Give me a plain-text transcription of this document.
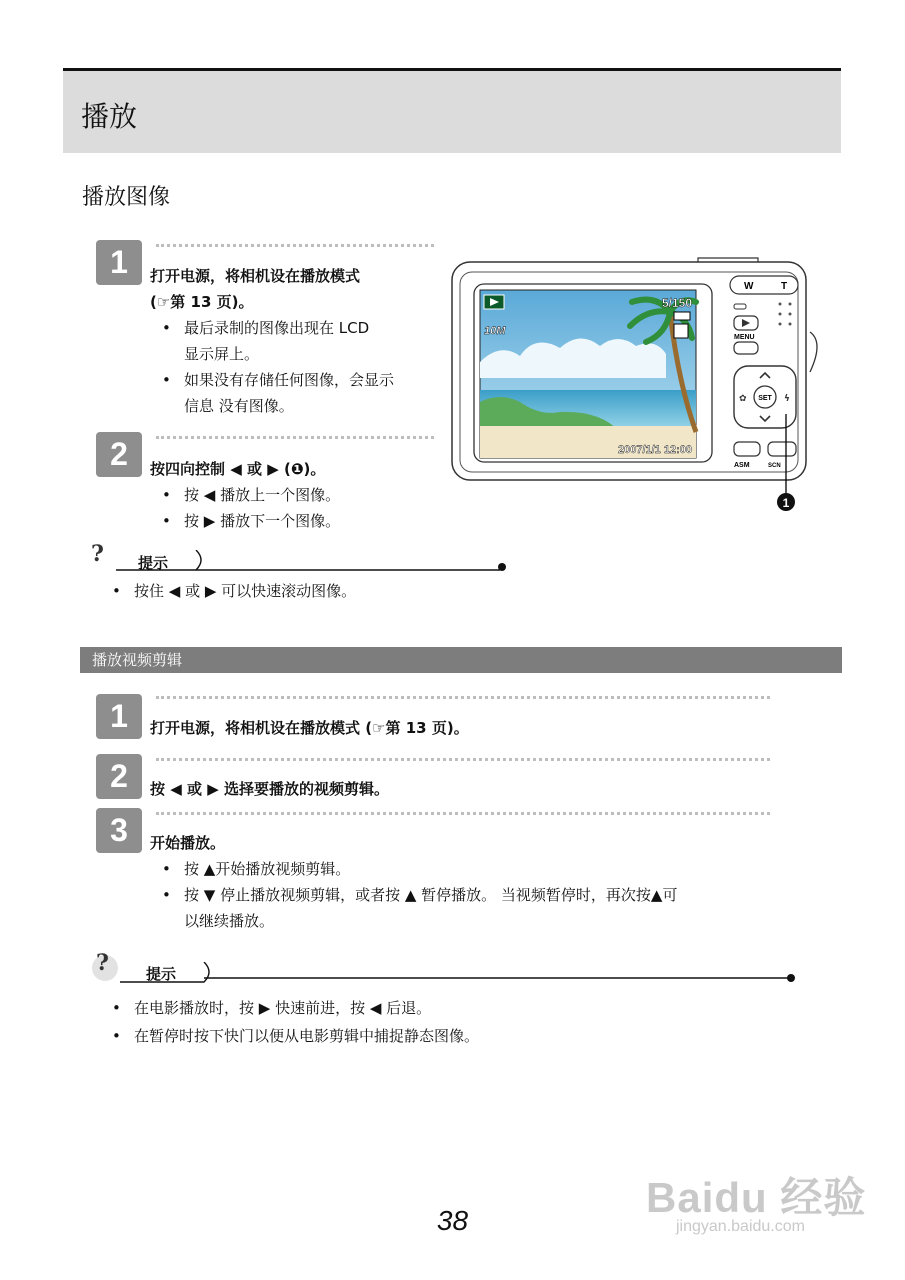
播放
播放图像
1	打开电源，将相机设在播放模式
(☞第 13 页)。
• 最后录制的图像出现在 LCD
显示屏上。
• 如果没有存储任何图像，会显示
信息 没有图像。
2	按四向控制 ◀ 或 ▶ (❶)。
• 按 ◀ 播放上一个图像。
• 按 ▶ 播放下一个图像。
5/150
10M
2007/1/1 12:00
W	T
MENU
SET
✿	ϟ
ASM	SCN
1
? 提示
• 按住 ◀ 或 ▶ 可以快速滚动图像。
播放视频剪辑
1	打开电源，将相机设在播放模式 (☞第 13 页)。
2	按 ◀ 或 ▶ 选择要播放的视频剪辑。
3	开始播放。
• 按 ▲开始播放视频剪辑。
• 按 ▼ 停止播放视频剪辑，或者按 ▲ 暂停播放。 当视频暂停时，再次按▲可
以继续播放。
? 提示
• 在电影播放时，按 ▶ 快速前进，按 ◀ 后退。
• 在暂停时按下快门以便从电影剪辑中捕捉静态图像。
Baidu 经验
jingyan.baidu.com
38
